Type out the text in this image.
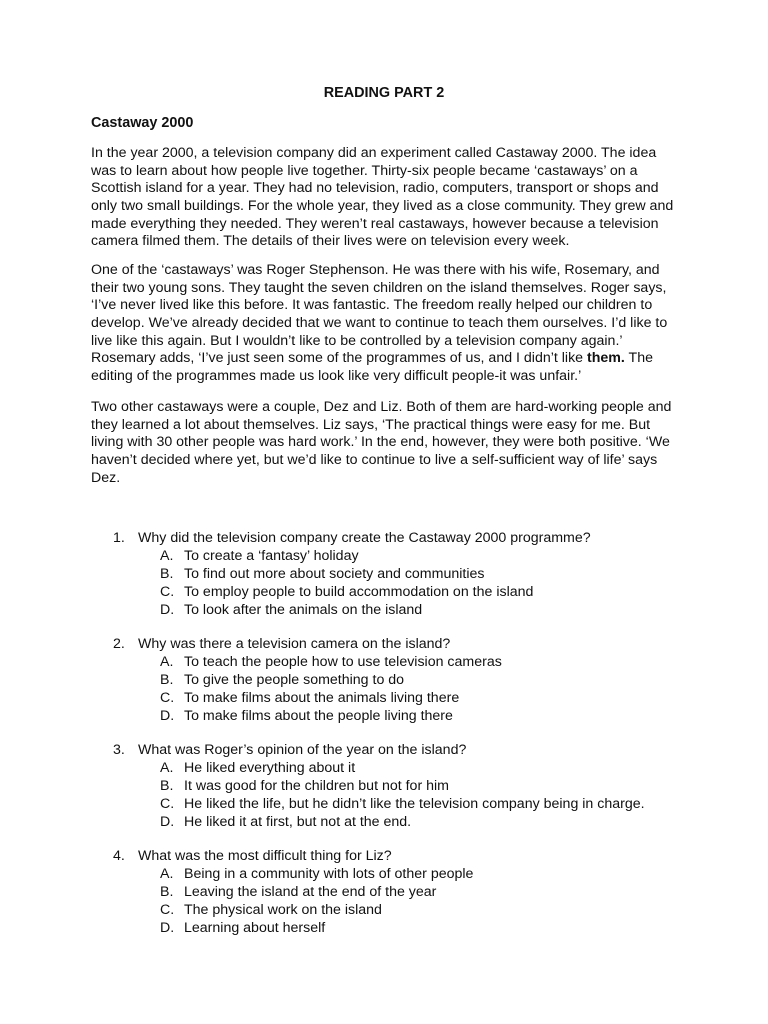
READING PART 2
Castaway 2000
In the year 2000, a television company did an experiment called Castaway 2000. The idea
was to learn about how people live together. Thirty-six people became ‘castaways’ on a
Scottish island for a year. They had no television, radio, computers, transport or shops and
only two small buildings. For the whole year, they lived as a close community. They grew and
made everything they needed. They weren’t real castaways, however because a television
camera filmed them. The details of their lives were on television every week.
One of the ‘castaways’ was Roger Stephenson. He was there with his wife, Rosemary, and
their two young sons. They taught the seven children on the island themselves. Roger says,
‘I’ve never lived like this before. It was fantastic. The freedom really helped our children to
develop. We’ve already decided that we want to continue to teach them ourselves. I’d like to
live like this again. But I wouldn’t like to be controlled by a television company again.’
Rosemary adds, ‘I’ve just seen some of the programmes of us, and I didn’t like them. The
editing of the programmes made us look like very difficult people-it was unfair.’
Two other castaways were a couple, Dez and Liz. Both of them are hard-working people and
they learned a lot about themselves. Liz says, ‘The practical things were easy for me. But
living with 30 other people was hard work.’ In the end, however, they were both positive. ‘We
haven’t decided where yet, but we’d like to continue to live a self-sufficient way of life’ says
Dez.
1. Why did the television company create the Castaway 2000 programme?
A. To create a ‘fantasy’ holiday
B. To find out more about society and communities
C. To employ people to build accommodation on the island
D. To look after the animals on the island
2. Why was there a television camera on the island?
A. To teach the people how to use television cameras
B. To give the people something to do
C. To make films about the animals living there
D. To make films about the people living there
3. What was Roger’s opinion of the year on the island?
A. He liked everything about it
B. It was good for the children but not for him
C. He liked the life, but he didn’t like the television company being in charge.
D. He liked it at first, but not at the end.
4. What was the most difficult thing for Liz?
A. Being in a community with lots of other people
B. Leaving the island at the end of the year
C. The physical work on the island
D. Learning about herself
